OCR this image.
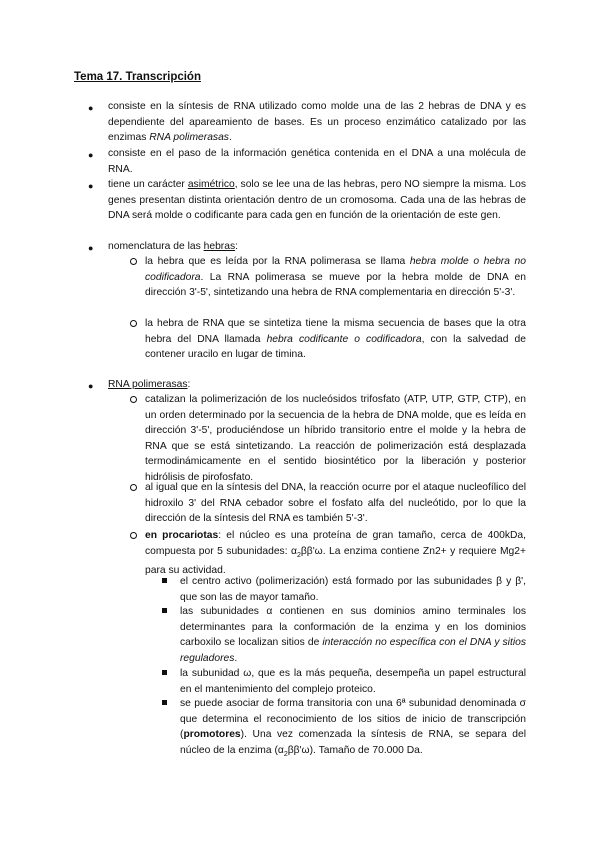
Tema 17. Transcripción
● consiste en la síntesis de RNA utilizado como molde una de las 2 hebras de DNA y es dependiente del apareamiento de bases. Es un proceso enzimático catalizado por las enzimas RNA polimerasas.
● consiste en el paso de la información genética contenida en el DNA a una molécula de RNA.
● tiene un carácter asimétrico, solo se lee una de las hebras, pero NO siempre la misma. Los genes presentan distinta orientación dentro de un cromosoma. Cada una de las hebras de DNA será molde o codificante para cada gen en función de la orientación de este gen.
● nomenclatura de las hebras:
la hebra que es leída por la RNA polimerasa se llama hebra molde o hebra no codificadora. La RNA polimerasa se mueve por la hebra molde de DNA en dirección 3'-5', sintetizando una hebra de RNA complementaria en dirección 5'-3'.
la hebra de RNA que se sintetiza tiene la misma secuencia de bases que la otra hebra del DNA llamada hebra codificante o codificadora, con la salvedad de contener uracilo en lugar de timina.
● RNA polimerasas:
catalizan la polimerización de los nucleósidos trifosfato (ATP, UTP, GTP, CTP), en un orden determinado por la secuencia de la hebra de DNA molde, que es leída en dirección 3'-5', produciéndose un híbrido transitorio entre el molde y la hebra de RNA que se está sintetizando. La reacción de polimerización está desplazada termodinámicamente en el sentido biosintético por la liberación y posterior hidrólisis de pirofosfato.
al igual que en la síntesis del DNA, la reacción ocurre por el ataque nucleofílico del hidroxilo 3' del RNA cebador sobre el fosfato alfa del nucleótido, por lo que la dirección de la síntesis del RNA es también 5'-3'.
en procariotas: el núcleo es una proteína de gran tamaño, cerca de 400kDa, compuesta por 5 subunidades: $\alpha_2\beta\beta'\omega$. La enzima contiene Zn2+ y requiere Mg2+ para su actividad.
el centro activo (polimerización) está formado por las subunidades β y β', que son las de mayor tamaño.
las subunidades α contienen en sus dominios amino terminales los determinantes para la conformación de la enzima y en los dominios carboxilo se localizan sitios de interacción no específica con el DNA y sitios reguladores.
la subunidad ω, que es la más pequeña, desempeña un papel estructural en el mantenimiento del complejo proteico.
se puede asociar de forma transitoria con una 6ª subunidad denominada σ que determina el reconocimiento de los sitios de inicio de transcripción (promotores). Una vez comenzada la síntesis de RNA, se separa del núcleo de la enzima $(\alpha_2\beta\beta'\omega)$. Tamaño de 70.000 Da.
